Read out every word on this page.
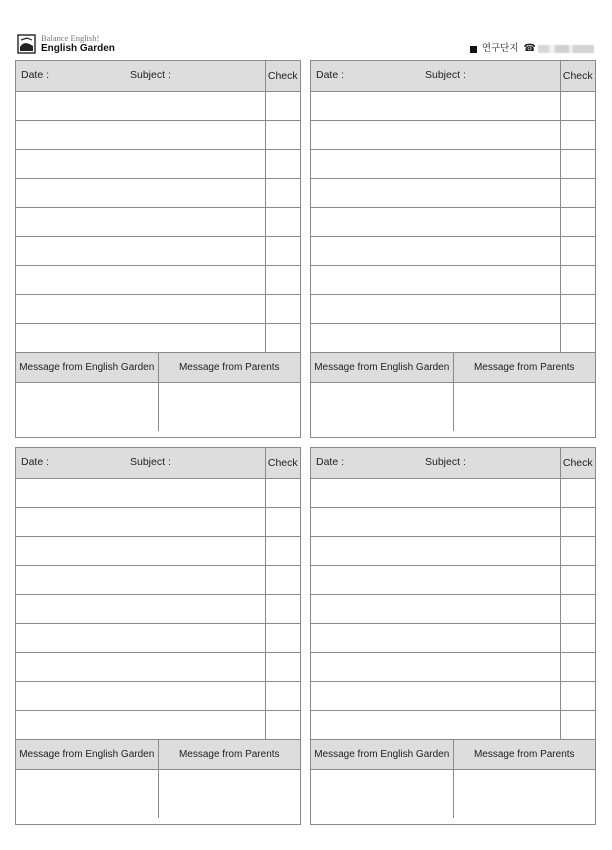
Balance English!
English Garden	연구단지 ☎
Date : Subject :	Check

Message from English Garden	Message from Parents

Date : Subject :	Check

Message from English Garden	Message from Parents

Date : Subject :	Check

Message from English Garden	Message from Parents

Date : Subject :	Check

Message from English Garden	Message from Parents
